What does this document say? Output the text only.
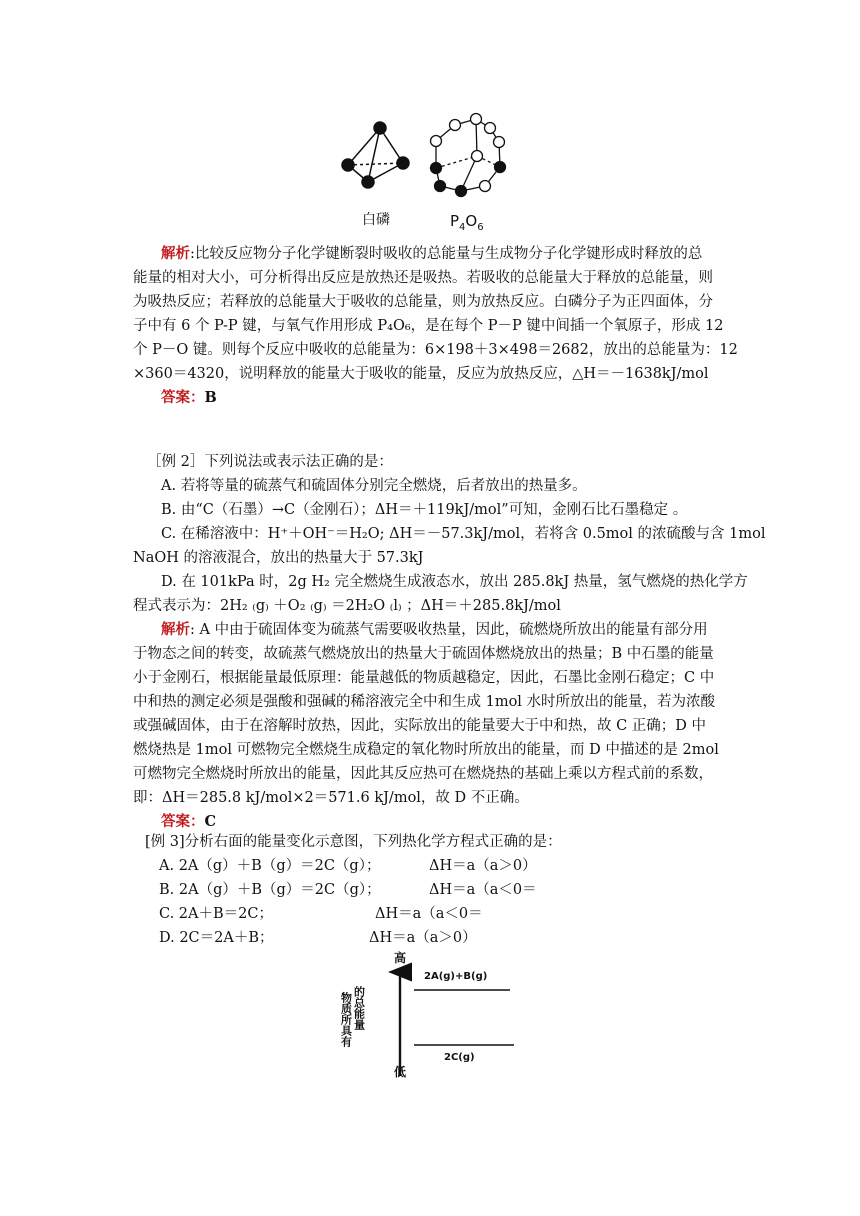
白磷	$P_4O_6$
解析:比较反应物分子化学键断裂时吸收的总能量与生成物分子化学键形成时释放的总
能量的相对大小，可分析得出反应是放热还是吸热。若吸收的总能量大于释放的总能量，则
为吸热反应；若释放的总能量大于吸收的总能量，则为放热反应。白磷分子为正四面体，分
子中有 6 个 P-P 键，与氧气作用形成 P₄O₆，是在每个 P－P 键中间插一个氧原子，形成 12
个 P－O 键。则每个反应中吸收的总能量为：6×198＋3×498＝2682，放出的总能量为：12
×360＝4320，说明释放的能量大于吸收的能量，反应为放热反应，△H＝－1638kJ/mol
答案：B
［例 2］下列说法或表示法正确的是：
A. 若将等量的硫蒸气和硫固体分别完全燃烧，后者放出的热量多。
B. 由“C（石墨）→C（金刚石）；ΔH＝＋119kJ/mol”可知，金刚石比石墨稳定 。
C. 在稀溶液中：H⁺＋OH⁻＝H₂O; ΔH＝－57.3kJ/mol，若将含 0.5mol 的浓硫酸与含 1mol
NaOH 的溶液混合，放出的热量大于 57.3kJ
D. 在 101kPa 时，2g H₂ 完全燃烧生成液态水，放出 285.8kJ 热量，氢气燃烧的热化学方
程式表示为：2H₂ ₍g₎ ＋O₂ ₍g₎ ＝2H₂O ₍l₎ ；ΔH＝＋285.8kJ/mol
解析: A 中由于硫固体变为硫蒸气需要吸收热量，因此，硫燃烧所放出的能量有部分用
于物态之间的转变，故硫蒸气燃烧放出的热量大于硫固体燃烧放出的热量；B 中石墨的能量
小于金刚石，根据能量最低原理：能量越低的物质越稳定，因此，石墨比金刚石稳定；C 中
中和热的测定必须是强酸和强碱的稀溶液完全中和生成 1mol 水时所放出的能量，若为浓酸
或强碱固体，由于在溶解时放热，因此，实际放出的能量要大于中和热，故 C 正确；D 中
燃烧热是 1mol 可燃物完全燃烧生成稳定的氧化物时所放出的能量，而 D 中描述的是 2mol
可燃物完全燃烧时所放出的能量，因此其反应热可在燃烧热的基础上乘以方程式前的系数，
即：ΔH＝285.8 kJ/mol×2＝571.6 kJ/mol，故 D 不正确。
答案：C
[例 3]分析右面的能量变化示意图，下列热化学方程式正确的是：
A. 2A（g）＋B（g）＝2C（g）；	ΔH＝a（a＞0）
B. 2A（g）＋B（g）＝2C（g）；	ΔH＝a（a＜0＝
C. 2A＋B＝2C；	ΔH＝a（a＜0＝
D. 2C＝2A＋B；	ΔH＝a（a＞0）
高
低
物质所具有 的总能量
2A(g)+B(g)
2C(g)
